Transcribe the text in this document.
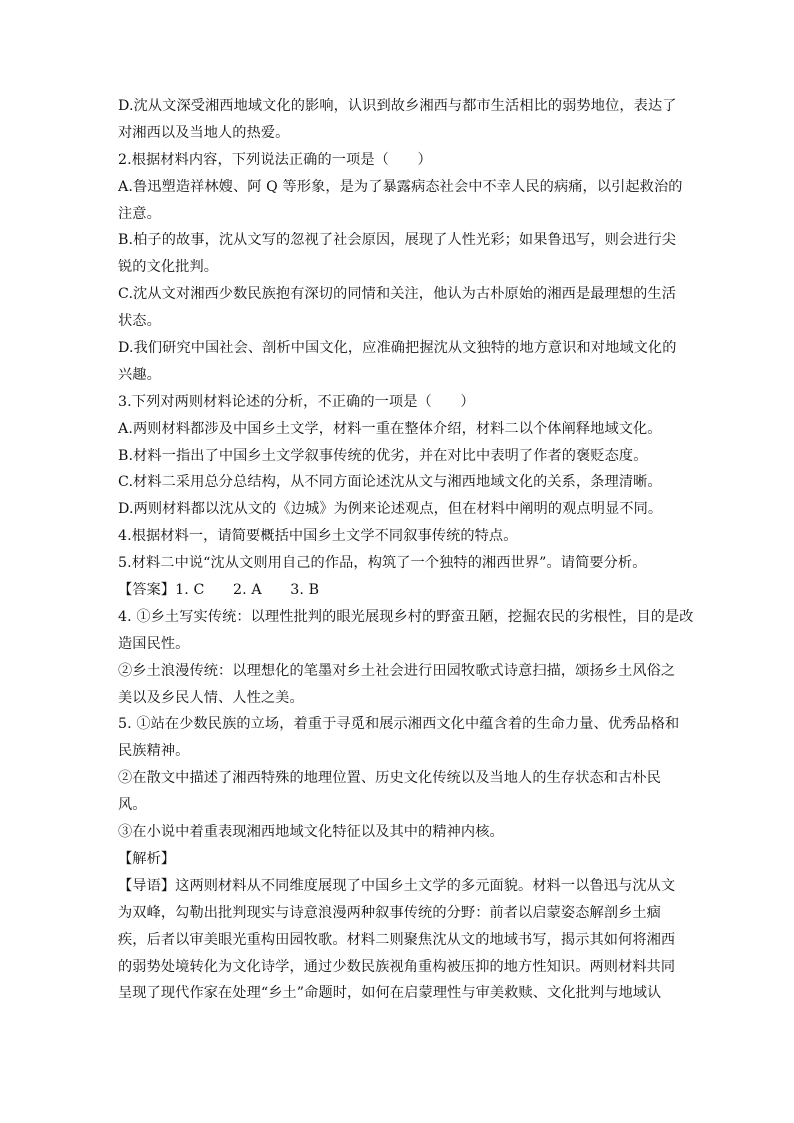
D.沈从文深受湘西地域文化的影响，认识到故乡湘西与都市生活相比的弱势地位，表达了
对湘西以及当地人的热爱。
2.根据材料内容，下列说法正确的一项是（　　）
A.鲁迅塑造祥林嫂、阿 Q 等形象，是为了暴露病态社会中不幸人民的病痛，以引起救治的
注意。
B.柏子的故事，沈从文写的忽视了社会原因，展现了人性光彩；如果鲁迅写，则会进行尖
锐的文化批判。
C.沈从文对湘西少数民族抱有深切的同情和关注，他认为古朴原始的湘西是最理想的生活
状态。
D.我们研究中国社会、剖析中国文化，应准确把握沈从文独特的地方意识和对地域文化的
兴趣。
3.下列对两则材料论述的分析，不正确的一项是（　　）
A.两则材料都涉及中国乡土文学，材料一重在整体介绍，材料二以个体阐释地域文化。
B.材料一指出了中国乡土文学叙事传统的优劣，并在对比中表明了作者的褒贬态度。
C.材料二采用总分总结构，从不同方面论述沈从文与湘西地域文化的关系，条理清晰。
D.两则材料都以沈从文的《边城》为例来论述观点，但在材料中阐明的观点明显不同。
4.根据材料一，请简要概括中国乡土文学不同叙事传统的特点。
5.材料二中说“沈从文则用自己的作品，构筑了一个独特的湘西世界”。请简要分析。
【答案】1. C　　2. A　　3. B
4. ①乡土写实传统：以理性批判的眼光展现乡村的野蛮丑陋，挖掘农民的劣根性，目的是改
造国民性。
②乡土浪漫传统：以理想化的笔墨对乡土社会进行田园牧歌式诗意扫描，颂扬乡土风俗之
美以及乡民人情、人性之美。
5. ①站在少数民族的立场，着重于寻觅和展示湘西文化中蕴含着的生命力量、优秀品格和
民族精神。
②在散文中描述了湘西特殊的地理位置、历史文化传统以及当地人的生存状态和古朴民
风。
③在小说中着重表现湘西地域文化特征以及其中的精神内核。
【解析】
【导语】这两则材料从不同维度展现了中国乡土文学的多元面貌。材料一以鲁迅与沈从文
为双峰，勾勒出批判现实与诗意浪漫两种叙事传统的分野：前者以启蒙姿态解剖乡土痼
疾，后者以审美眼光重构田园牧歌。材料二则聚焦沈从文的地域书写，揭示其如何将湘西
的弱势处境转化为文化诗学，通过少数民族视角重构被压抑的地方性知识。两则材料共同
呈现了现代作家在处理“乡土”命题时，如何在启蒙理性与审美救赎、文化批判与地域认
